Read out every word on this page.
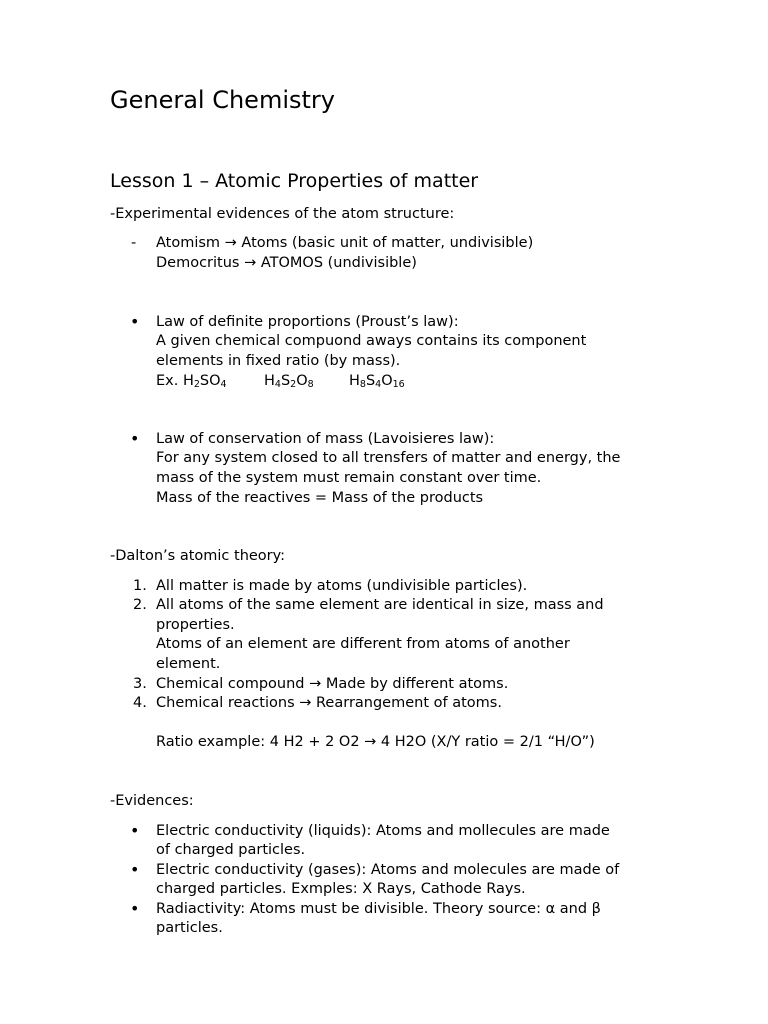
General Chemistry
Lesson 1 – Atomic Properties of matter
-Experimental evidences of the atom structure:
- Atomism → Atoms (basic unit of matter, undivisible)
Democritus → ATOMOS (undivisible)
• Law of definite proportions (Proust’s law):
A given chemical compuond aways contains its component
elements in fixed ratio (by mass).
Ex. $H_2SO_4$	$H_4S_2O_8$ $H_8S_4O_{16}$
• Law of conservation of mass (Lavoisieres law):
For any system closed to all trensfers of matter and energy, the
mass of the system must remain constant over time.
Mass of the reactives = Mass of the products
-Dalton’s atomic theory:
1. All matter is made by atoms (undivisible particles).
2. All atoms of the same element are identical in size, mass and
properties.
Atoms of an element are different from atoms of another
element.
3. Chemical compound → Made by different atoms.
4. Chemical reactions → Rearrangement of atoms.
Ratio example: 4 H2 + 2 O2 → 4 H2O (X/Y ratio = 2/1 “H/O”)
-Evidences:
• Electric conductivity (liquids): Atoms and mollecules are made
of charged particles.
• Electric conductivity (gases): Atoms and molecules are made of
charged particles. Exmples: X Rays, Cathode Rays.
• Radiactivity: Atoms must be divisible. Theory source: α and β
particles.
